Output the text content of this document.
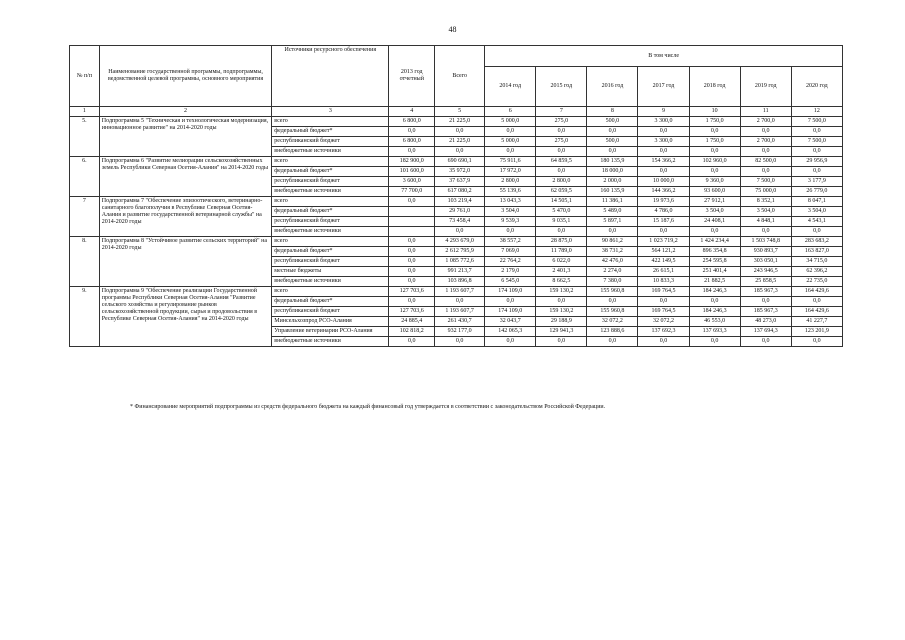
48
№ п/п	Наименование государственной программы, подпрограммы, ведомственной целевой программы, основного мероприятия	Источники ресурсного обеспечения	2013 год отчетный	Всего	В том числе						
					2014 год	2015 год	2016 год	2017 год	2018 год	2019 год	2020 год
1	2	3	4	5	6	7	8	9	10	11	12
5.	Подпрограмма 5 "Техническая и технологическая модернизация, инновационное развитие" на 2014-2020 годы	всего	6 800,0	21 225,0	5 000,0	275,0	500,0	3 300,0	1 750,0	2 700,0	7 500,0
		федеральный бюджет*	0,0	0,0	0,0	0,0	0,0	0,0	0,0	0,0	0,0
		республиканский бюджет	6 800,0	21 225,0	5 000,0	275,0	500,0	3 300,0	1 750,0	2 700,0	7 500,0
		внебюджетные источники	0,0	0,0	0,0	0,0	0,0	0,0	0,0	0,0	0,0
6.	Подпрограмма 6 "Развитие мелиорации сельскохозяйственных земель Республики Северная Осетия-Алания" на 2014-2020 годы	всего	182 900,0	690 690,1	75 911,6	64 859,5	180 135,9	154 366,2	102 960,0	82 500,0	29 956,9
		федеральный бюджет*	101 600,0	35 972,0	17 972,0	0,0	18 000,0	0,0	0,0	0,0	0,0
		республиканский бюджет	3 600,0	37 637,9	2 800,0	2 800,0	2 000,0	10 000,0	9 360,0	7 500,0	3 177,9
		внебюджетные источники	77 700,0	617 080,2	55 139,6	62 059,5	160 135,9	144 366,2	93 600,0	75 000,0	26 779,0
7	Подпрограмма 7 "Обеспечение эпизоотического, ветеринарно-санитарного благополучия в Республике Северная Осетия-Алания и развитие государственной ветеринарной службы" на 2014-2020 годы	всего	0,0	103 219,4	13 043,3	14 505,1	11 386,1	19 973,6	27 912,1	8 352,1	8 047,1
		федеральный бюджет*		29 761,0	3 504,0	5 470,0	5 489,0	4 786,0	3 504,0	3 504,0	3 504,0
		республиканский бюджет		73 458,4	9 539,3	9 035,1	5 897,1	15 187,6	24 408,1	4 848,1	4 543,1
		внебюджетные источники		0,0	0,0	0,0	0,0	0,0	0,0	0,0	0,0
8.	Подпрограмма 8 "Устойчивое развитие сельских территорий" на 2014-2020 годы	всего	0,0	4 293 679,0	38 557,2	28 875,0	90 861,2	1 023 719,2	1 424 234,4	1 503 748,8	283 683,2
		федеральный бюджет*	0,0	2 612 795,9	7 069,0	11 789,0	38 731,2	564 121,2	896 354,8	930 893,7	163 827,0
		республиканский бюджет	0,0	1 085 772,6	22 764,2	6 022,0	42 476,0	422 149,5	254 595,8	303 050,1	34 715,0
		местные бюджеты	0,0	991 213,7	2 179,0	2 401,3	2 274,0	26 615,1	251 401,4	243 946,5	62 396,2
		внебюджетные источники	0,0	103 896,8	6 545,0	8 662,5	7 380,0	10 833,3	21 882,5	25 858,5	22 735,0
9.	Подпрограмма 9 "Обеспечение реализации Государственной программы Республики Северная Осетия-Алания "Развитие сельского хозяйства и регулирование рынков сельскохозяйственной продукции, сырья и продовольствия в Республике Северная Осетия-Алания" на 2014-2020 годы	всего	127 703,6	1 193 607,7	174 109,0	159 130,2	155 960,8	169 764,5	184 246,3	185 967,3	164 429,6
		федеральный бюджет*	0,0	0,0	0,0	0,0	0,0	0,0	0,0	0,0	0,0
		республиканский бюджет	127 703,6	1 193 607,7	174 109,0	159 130,2	155 960,8	169 764,5	184 246,3	185 967,3	164 429,6
		Минсельхозпрод РСО-Алания	24 885,4	261 430,7	32 043,7	29 188,9	32 072,2	32 072,2	46 553,0	48 273,0	41 227,7
		Управление ветеринарии РСО-Алания	102 818,2	932 177,0	142 065,3	129 941,3	123 888,6	137 692,3	137 693,3	137 694,3	123 201,9
		внебюджетные источники	0,0	0,0	0,0	0,0	0,0	0,0	0,0	0,0	0,0
* Финансирование мероприятий подпрограммы из средств федерального бюджета на каждый финансовый год утверждается в соответствии с законодательством Российской Федерации.
